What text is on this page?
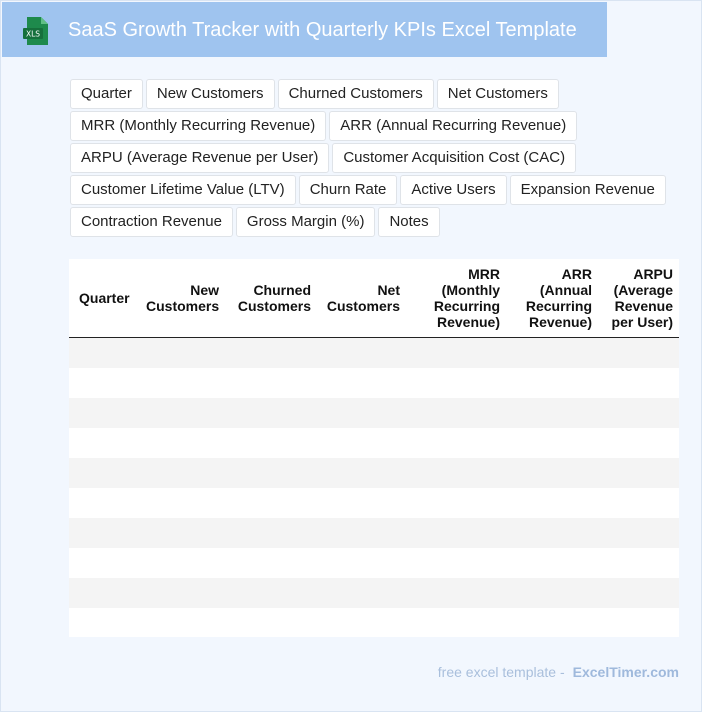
XLS SaaS Growth Tracker with Quarterly KPIs Excel Template
Quarter	New Customers	Churned Customers	Net Customers
MRR (Monthly Recurring Revenue)	ARR (Annual Recurring Revenue)
ARPU (Average Revenue per User)	Customer Acquisition Cost (CAC)
Customer Lifetime Value (LTV)	Churn Rate	Active Users	Expansion Revenue
Contraction Revenue	Gross Margin (%)	Notes
Quarter	New Customers	Churned Customers	Net Customers	MRR (Monthly Recurring Revenue)	ARR (Annual Recurring Revenue)	ARPU (Average Revenue per User)

free excel template - ExcelTimer.com
